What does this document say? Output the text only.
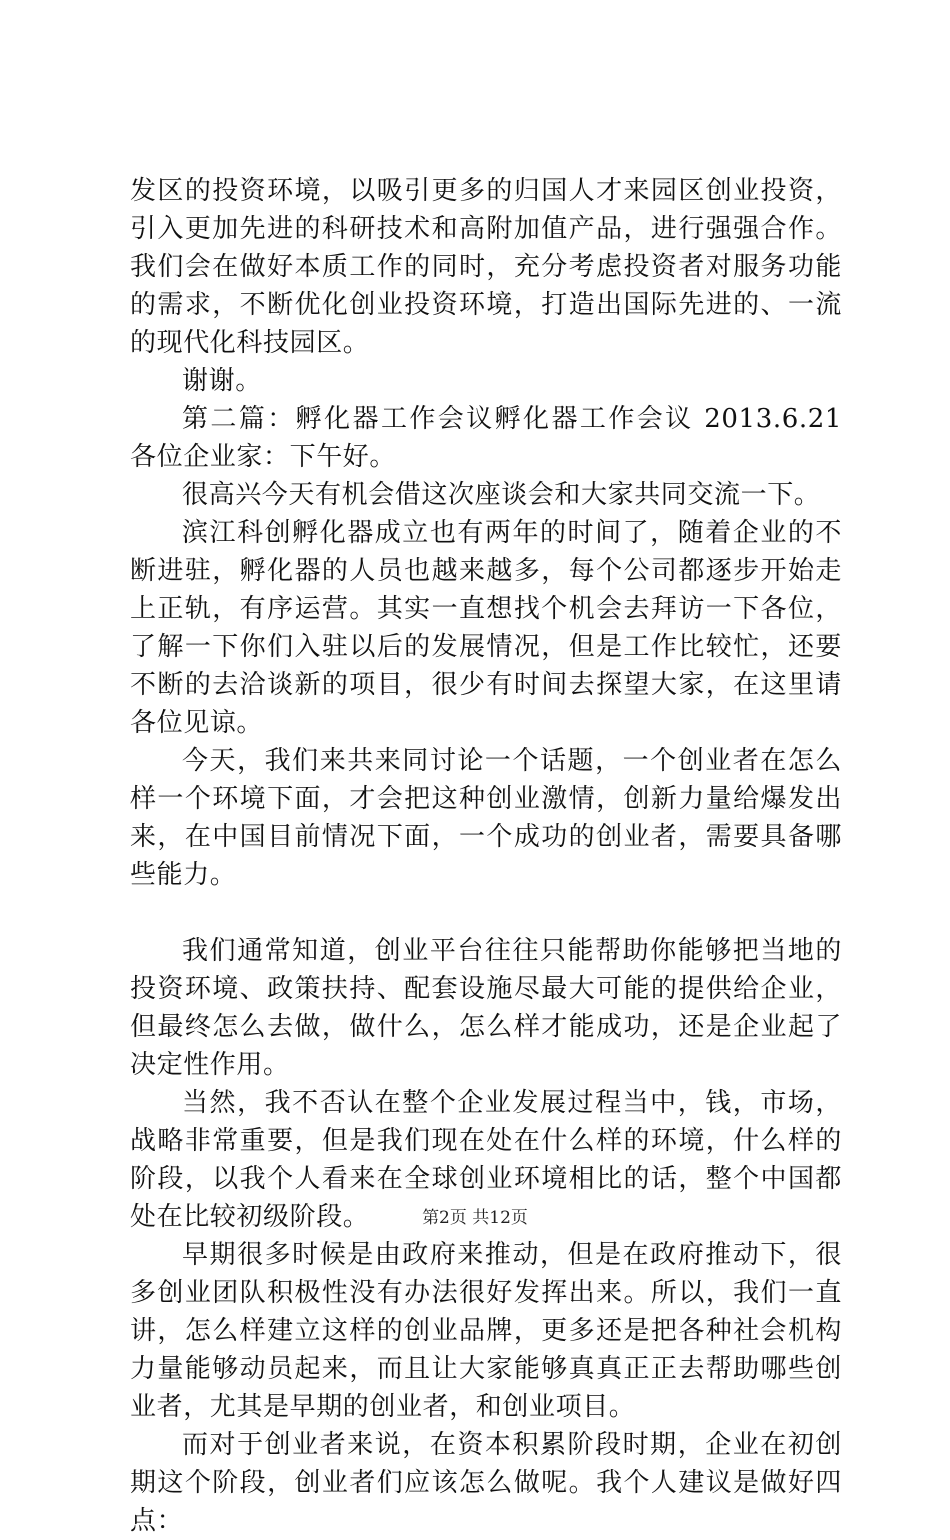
发区的投资环境，以吸引更多的归国人才来园区创业投资，引入更加先进的科研技术和高附加值产品，进行强强合作。我们会在做好本质工作的同时，充分考虑投资者对服务功能的需求，不断优化创业投资环境，打造出国际先进的、一流的现代化科技园区。

谢谢。

第二篇：孵化器工作会议孵化器工作会议 2013.6.21 各位企业家：下午好。

很高兴今天有机会借这次座谈会和大家共同交流一下。

滨江科创孵化器成立也有两年的时间了，随着企业的不断进驻，孵化器的人员也越来越多，每个公司都逐步开始走上正轨，有序运营。其实一直想找个机会去拜访一下各位，了解一下你们入驻以后的发展情况，但是工作比较忙，还要不断的去洽谈新的项目，很少有时间去探望大家，在这里请各位见谅。

今天，我们来共来同讨论一个话题，一个创业者在怎么样一个环境下面，才会把这种创业激情，创新力量给爆发出来，在中国目前情况下面，一个成功的创业者，需要具备哪些能力。

我们通常知道，创业平台往往只能帮助你能够把当地的投资环境、政策扶持、配套设施尽最大可能的提供给企业，但最终怎么去做，做什么，怎么样才能成功，还是企业起了决定性作用。

当然，我不否认在整个企业发展过程当中，钱，市场，战略非常重要，但是我们现在处在什么样的环境，什么样的阶段，以我个人看来在全球创业环境相比的话，整个中国都处在比较初级阶段。

早期很多时候是由政府来推动，但是在政府推动下，很多创业团队积极性没有办法很好发挥出来。所以，我们一直讲，怎么样建立这样的创业品牌，更多还是把各种社会机构力量能够动员起来，而且让大家能够真真正正去帮助哪些创业者，尤其是早期的创业者，和创业项目。

而对于创业者来说，在资本积累阶段时期，企业在初创期这个阶段，创业者们应该怎么做呢。我个人建议是做好四点：

第2页 共12页
